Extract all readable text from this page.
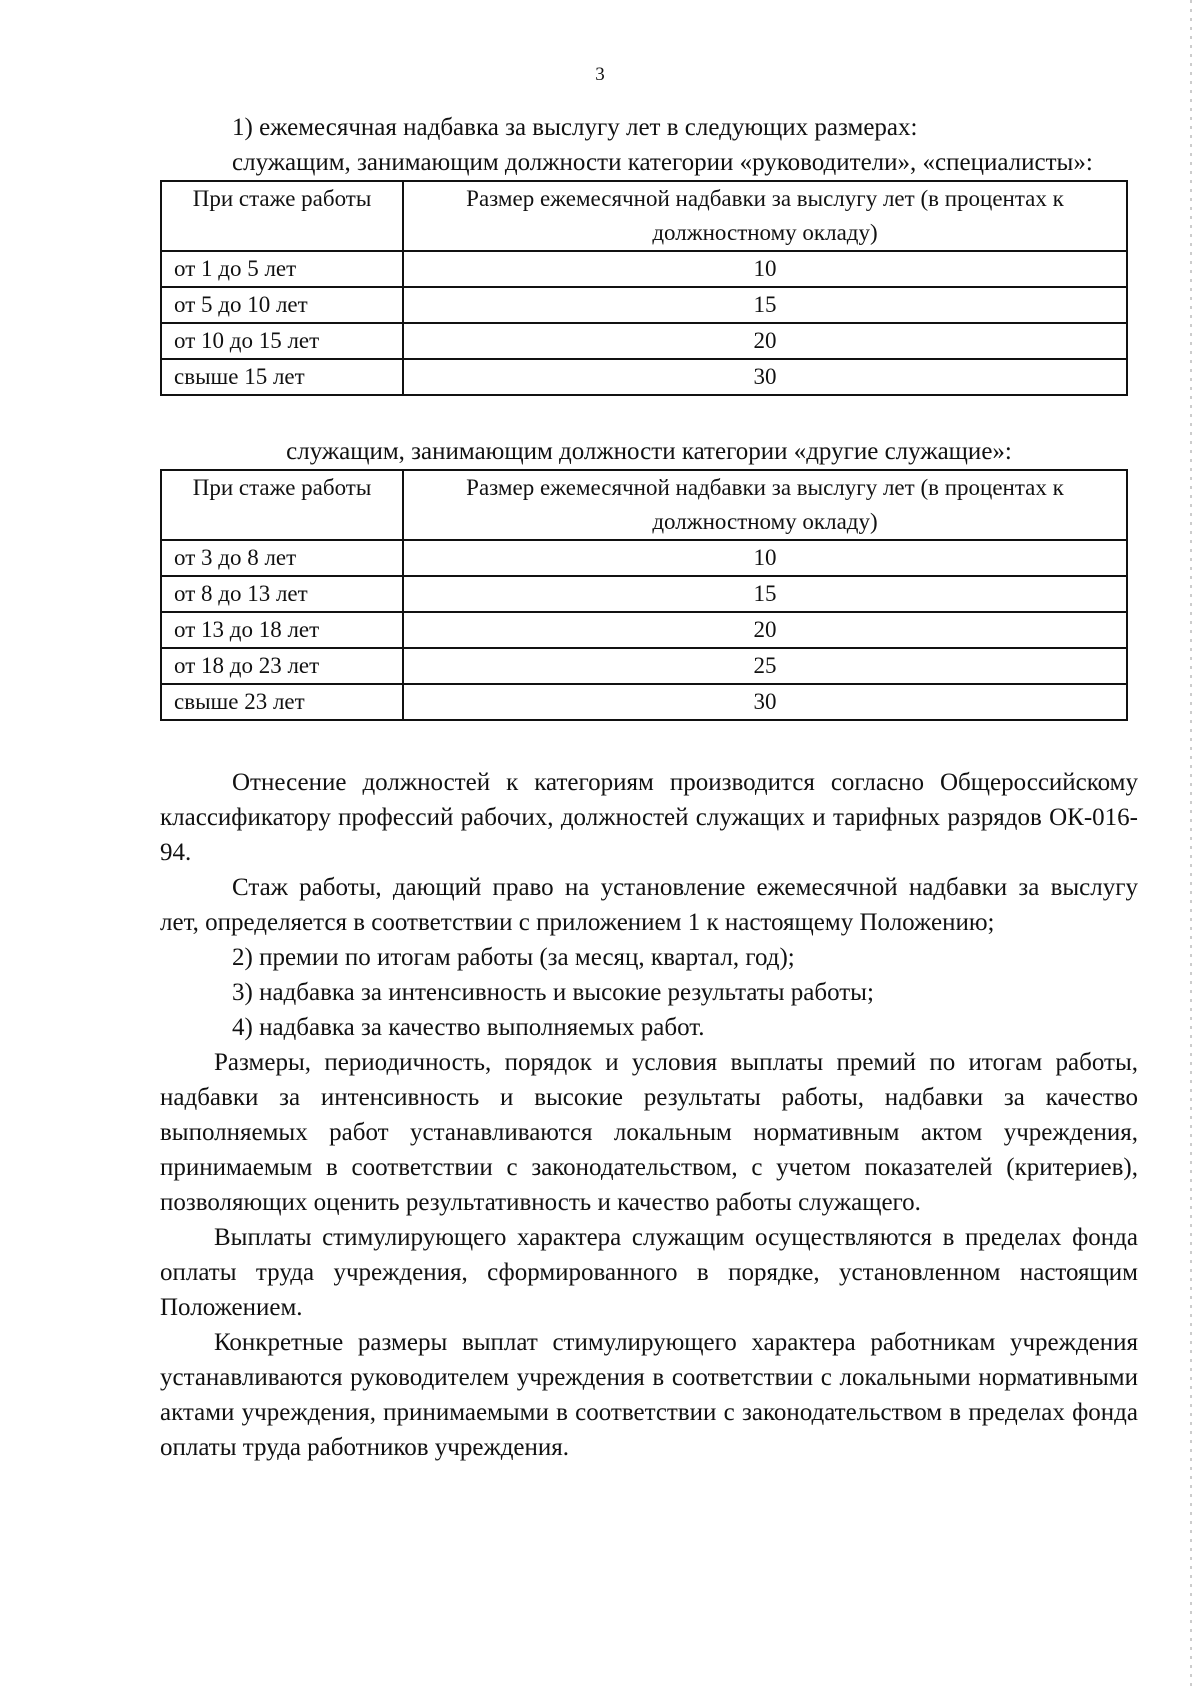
3

1) ежемесячная надбавка за выслугу лет в следующих размерах:

служащим, занимающим должности категории «руководители», «специалисты»:

При стаже работы	Размер ежемесячной надбавки за выслугу лет (в процентах к должностному окладу)
от 1 до 5 лет	10
от 5 до 10 лет	15
от 10 до 15 лет	20
свыше 15 лет	30

служащим, занимающим должности категории «другие служащие»:

При стаже работы	Размер ежемесячной надбавки за выслугу лет (в процентах к должностному окладу)
от 3 до 8 лет	10
от 8 до 13 лет	15
от 13 до 18 лет	20
от 18 до 23 лет	25
свыше 23 лет	30

Отнесение должностей к категориям производится согласно Общероссийскому классификатору профессий рабочих, должностей служащих и тарифных разрядов ОК-016-94.

Стаж работы, дающий право на установление ежемесячной надбавки за выслугу лет, определяется в соответствии с приложением 1 к настоящему Положению;

2) премии по итогам работы (за месяц, квартал, год);

3) надбавка за интенсивность и высокие результаты работы;

4) надбавка за качество выполняемых работ.

Размеры, периодичность, порядок и условия выплаты премий по итогам работы, надбавки за интенсивность и высокие результаты работы, надбавки за качество выполняемых работ устанавливаются локальным нормативным актом учреждения, принимаемым в соответствии с законодательством, с учетом показателей (критериев), позволяющих оценить результативность и качество работы служащего.

Выплаты стимулирующего характера служащим осуществляются в пределах фонда оплаты труда учреждения, сформированного в порядке, установленном настоящим Положением.

Конкретные размеры выплат стимулирующего характера работникам учреждения устанавливаются руководителем учреждения в соответствии с локальными нормативными актами учреждения, принимаемыми в соответствии с законодательством в пределах фонда оплаты труда работников учреждения.
